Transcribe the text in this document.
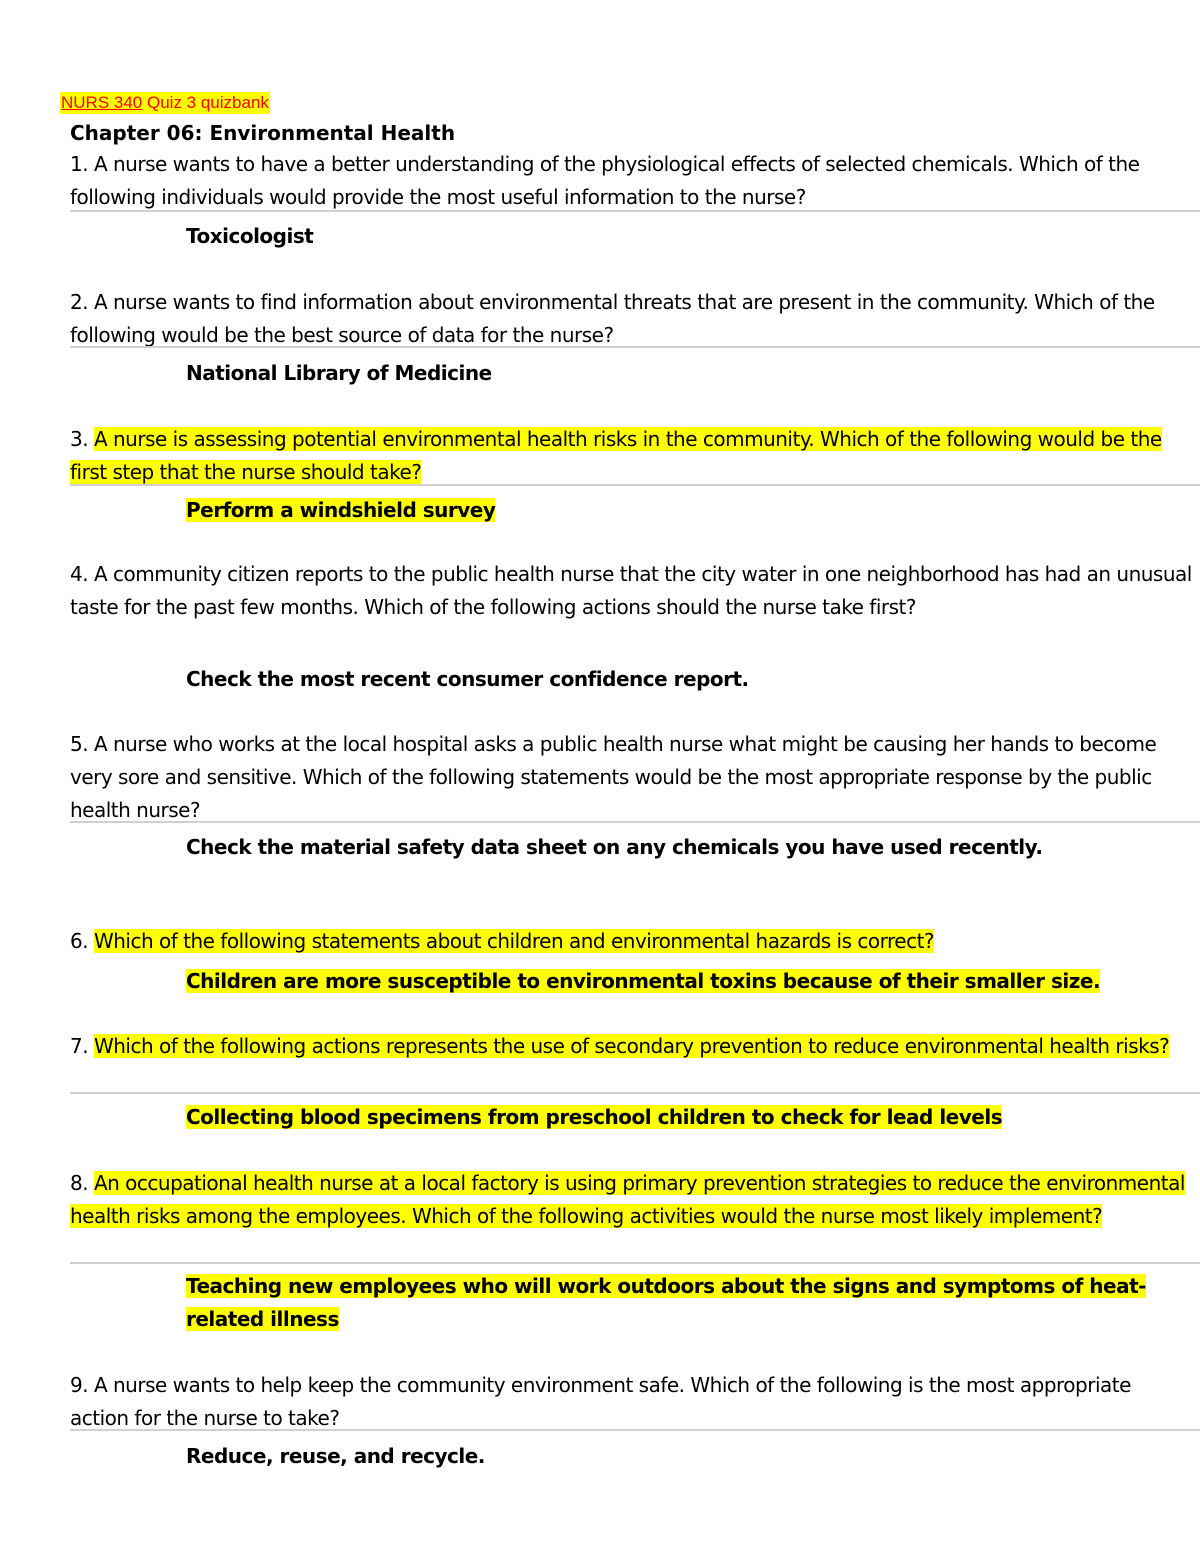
NURS 340 Quiz 3 quizbank
Chapter 06: Environmental Health

1. A nurse wants to have a better understanding of the physiological effects of selected chemicals. Which of the following individuals would provide the most useful information to the nurse?

Toxicologist

2. A nurse wants to find information about environmental threats that are present in the community. Which of the following would be the best source of data for the nurse?

National Library of Medicine

3. A nurse is assessing potential environmental health risks in the community. Which of the following would be the first step that the nurse should take?

Perform a windshield survey

4. A community citizen reports to the public health nurse that the city water in one neighborhood has had an unusual taste for the past few months. Which of the following actions should the nurse take first?

Check the most recent consumer confidence report.

5. A nurse who works at the local hospital asks a public health nurse what might be causing her hands to become very sore and sensitive. Which of the following statements would be the most appropriate response by the public health nurse?

Check the material safety data sheet on any chemicals you have used recently.

6. Which of the following statements about children and environmental hazards is correct?

Children are more susceptible to environmental toxins because of their smaller size.

7. Which of the following actions represents the use of secondary prevention to reduce environmental health risks?

Collecting blood specimens from preschool children to check for lead levels

8. An occupational health nurse at a local factory is using primary prevention strategies to reduce the environmental health risks among the employees. Which of the following activities would the nurse most likely implement?

Teaching new employees who will work outdoors about the signs and symptoms of heat-related illness

9. A nurse wants to help keep the community environment safe. Which of the following is the most appropriate action for the nurse to take?

Reduce, reuse, and recycle.
